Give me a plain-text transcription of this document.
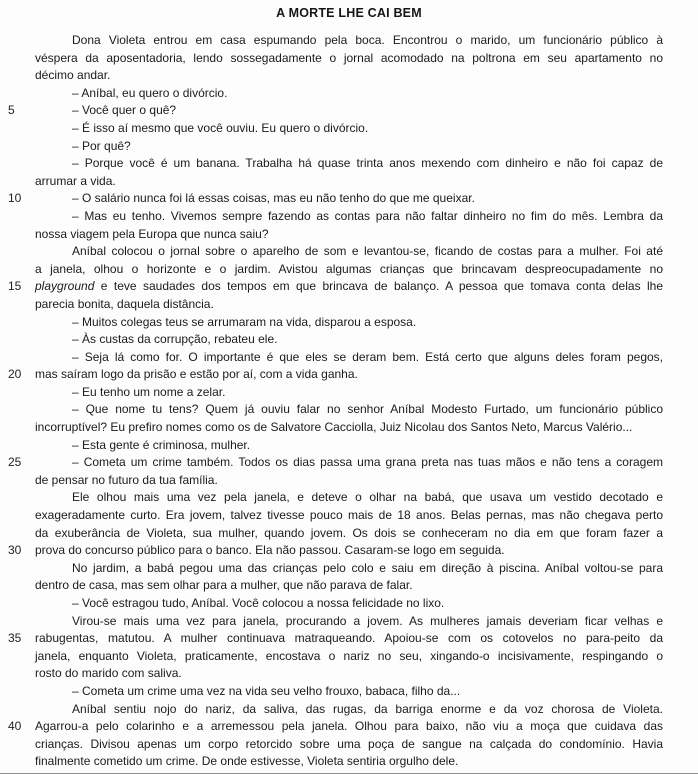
A MORTE LHE CAI BEM
Dona Violeta entrou em casa espumando pela boca. Encontrou o marido, um funcionário público à
véspera da aposentadoria, lendo sossegadamente o jornal acomodado na poltrona em seu apartamento no
décimo andar.
– Aníbal, eu quero o divórcio.
5	– Você quer o quê?
– É isso aí mesmo que você ouviu. Eu quero o divórcio.
– Por quê?
– Porque você é um banana. Trabalha há quase trinta anos mexendo com dinheiro e não foi capaz de
arrumar a vida.
10	– O salário nunca foi lá essas coisas, mas eu não tenho do que me queixar.
– Mas eu tenho. Vivemos sempre fazendo as contas para não faltar dinheiro no fim do mês. Lembra da
nossa viagem pela Europa que nunca saiu?
Aníbal colocou o jornal sobre o aparelho de som e levantou-se, ficando de costas para a mulher. Foi até
a janela, olhou o horizonte e o jardim. Avistou algumas crianças que brincavam despreocupadamente no
15	playground e teve saudades dos tempos em que brincava de balanço. A pessoa que tomava conta delas lhe
parecia bonita, daquela distância.
– Muitos colegas teus se arrumaram na vida, disparou a esposa.
– Às custas da corrupção, rebateu ele.
– Seja lá como for. O importante é que eles se deram bem. Está certo que alguns deles foram pegos,
20	mas saíram logo da prisão e estão por aí, com a vida ganha.
– Eu tenho um nome a zelar.
– Que nome tu tens? Quem já ouviu falar no senhor Aníbal Modesto Furtado, um funcionário público
incorruptível? Eu prefiro nomes como os de Salvatore Cacciolla, Juiz Nicolau dos Santos Neto, Marcus Valério...
– Esta gente é criminosa, mulher.
25	– Cometa um crime também. Todos os dias passa uma grana preta nas tuas mãos e não tens a coragem
de pensar no futuro da tua família.
Ele olhou mais uma vez pela janela, e deteve o olhar na babá, que usava um vestido decotado e
exageradamente curto. Era jovem, talvez tivesse pouco mais de 18 anos. Belas pernas, mas não chegava perto
da exuberância de Violeta, sua mulher, quando jovem. Os dois se conheceram no dia em que foram fazer a
30	prova do concurso público para o banco. Ela não passou. Casaram-se logo em seguida.
No jardim, a babá pegou uma das crianças pelo colo e saiu em direção à piscina. Aníbal voltou-se para
dentro de casa, mas sem olhar para a mulher, que não parava de falar.
– Você estragou tudo, Aníbal. Você colocou a nossa felicidade no lixo.
Virou-se mais uma vez para janela, procurando a jovem. As mulheres jamais deveriam ficar velhas e
35	rabugentas, matutou. A mulher continuava matraqueando. Apoiou-se com os cotovelos no para-peito da
janela, enquanto Violeta, praticamente, encostava o nariz no seu, xingando-o incisivamente, respingando o
rosto do marido com saliva.
– Cometa um crime uma vez na vida seu velho frouxo, babaca, filho da...
Aníbal sentiu nojo do nariz, da saliva, das rugas, da barriga enorme e da voz chorosa de Violeta.
40	Agarrou-a pelo colarinho e a arremessou pela janela. Olhou para baixo, não viu a moça que cuidava das
crianças. Divisou apenas um corpo retorcido sobre uma poça de sangue na calçada do condomínio. Havia
finalmente cometido um crime. De onde estivesse, Violeta sentiria orgulho dele.
